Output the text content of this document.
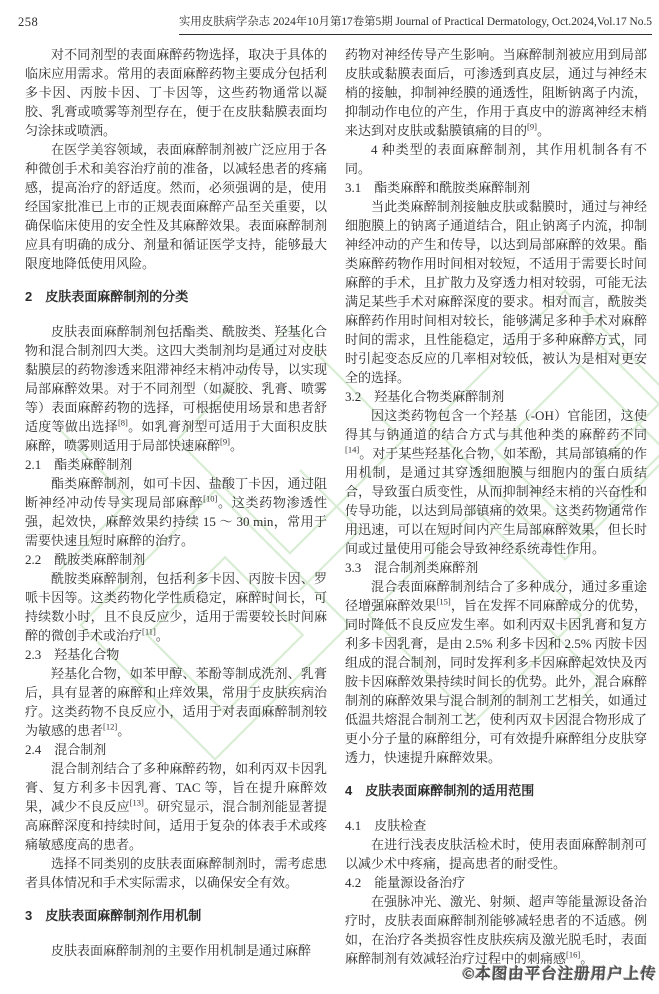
258	实用皮肤病学杂志 2024年10月第17卷第5期 Journal of Practical Dermatology, Oct.2024,Vol.17 No.5

对不同剂型的表面麻醉药物选择，取决于具体的临床应用需求。常用的表面麻醉药物主要成分包括利多卡因、丙胺卡因、丁卡因等，这些药物通常以凝胶、乳膏或喷雾等剂型存在，便于在皮肤黏膜表面均匀涂抹或喷洒。

在医学美容领域，表面麻醉制剂被广泛应用于各种微创手术和美容治疗前的准备，以减轻患者的疼痛感，提高治疗的舒适度。然而，必须强调的是，使用经国家批准已上市的正规表面麻醉产品至关重要，以确保临床使用的安全性及其麻醉效果。表面麻醉制剂应具有明确的成分、剂量和循证医学支持，能够最大限度地降低使用风险。

2　皮肤表面麻醉制剂的分类

皮肤表面麻醉制剂包括酯类、酰胺类、羟基化合物和混合制剂四大类。这四大类制剂均是通过对皮肤黏膜层的药物渗透来阻滞神经末梢冲动传导，以实现局部麻醉效果。对于不同剂型（如凝胶、乳膏、喷雾等）表面麻醉药物的选择，可根据使用场景和患者舒适度等做出选择[8]。如乳膏剂型可适用于大面积皮肤麻醉，喷雾则适用于局部快速麻醉[9]。

2.1　酯类麻醉制剂

酯类麻醉制剂，如可卡因、盐酸丁卡因，通过阻断神经冲动传导实现局部麻醉[10]。这类药物渗透性强，起效快，麻醉效果约持续 15 ～ 30 min，常用于需要快速且短时麻醉的治疗。

2.2　酰胺类麻醉制剂

酰胺类麻醉制剂，包括利多卡因、丙胺卡因、罗哌卡因等。这类药物化学性质稳定，麻醉时间长，可持续数小时，且不良反应少，适用于需要较长时间麻醉的微创手术或治疗[11]。

2.3　羟基化合物

羟基化合物，如苯甲醇、苯酚等制成洗剂、乳膏后，具有显著的麻醉和止痒效果，常用于皮肤疾病治疗。这类药物不良反应小，适用于对表面麻醉制剂较为敏感的患者[12]。

2.4　混合制剂

混合制剂结合了多种麻醉药物，如利丙双卡因乳膏、复方利多卡因乳膏、TAC 等，旨在提升麻醉效果，减少不良反应[13]。研究显示，混合制剂能显著提高麻醉深度和持续时间，适用于复杂的体表手术或疼痛敏感度高的患者。

选择不同类别的皮肤表面麻醉制剂时，需考虑患者具体情况和手术实际需求，以确保安全有效。

3　皮肤表面麻醉制剂作用机制

皮肤表面麻醉制剂的主要作用机制是通过麻醉

药物对神经传导产生影响。当麻醉制剂被应用到局部皮肤或黏膜表面后，可渗透到真皮层，通过与神经末梢的接触，抑制神经膜的通透性，阻断钠离子内流，抑制动作电位的产生，作用于真皮中的游离神经末梢来达到对皮肤或黏膜镇痛的目的[9]。

4 种类型的表面麻醉制剂，其作用机制各有不同。

3.1　酯类麻醉和酰胺类麻醉制剂

当此类麻醉制剂接触皮肤或黏膜时，通过与神经细胞膜上的钠离子通道结合，阻止钠离子内流，抑制神经冲动的产生和传导，以达到局部麻醉的效果。酯类麻醉药物作用时间相对较短，不适用于需要长时间麻醉的手术，且扩散力及穿透力相对较弱，可能无法满足某些手术对麻醉深度的要求。相对而言，酰胺类麻醉药作用时间相对较长，能够满足多种手术对麻醉时间的需求，且性能稳定，适用于多种麻醉方式，同时引起变态反应的几率相对较低，被认为是相对更安全的选择。

3.2　羟基化合物类麻醉制剂

因这类药物包含一个羟基（-OH）官能团，这使得其与钠通道的结合方式与其他种类的麻醉药不同[14]。对于某些羟基化合物，如苯酚，其局部镇痛的作用机制，是通过其穿透细胞膜与细胞内的蛋白质结合，导致蛋白质变性，从而抑制神经末梢的兴奋性和传导功能，以达到局部镇痛的效果。这类药物通常作用迅速，可以在短时间内产生局部麻醉效果，但长时间或过量使用可能会导致神经系统毒性作用。

3.3　混合制剂类麻醉剂

混合表面麻醉制剂结合了多种成分，通过多重途径增强麻醉效果[15]，旨在发挥不同麻醉成分的优势，同时降低不良反应发生率。如利丙双卡因乳膏和复方利多卡因乳膏，是由 2.5% 利多卡因和 2.5% 丙胺卡因组成的混合制剂，同时发挥利多卡因麻醉起效快及丙胺卡因麻醉效果持续时间长的优势。此外，混合麻醉制剂的麻醉效果与混合制剂的制剂工艺相关，如通过低温共熔混合制剂工艺，使利丙双卡因混合物形成了更小分子量的麻醉组分，可有效提升麻醉组分皮肤穿透力，快速提升麻醉效果。

4　皮肤表面麻醉制剂的适用范围
4.1　皮肤检查

在进行浅表皮肤活检术时，使用表面麻醉制剂可以减少术中疼痛，提高患者的耐受性。

4.2　能量源设备治疗

在强脉冲光、激光、射频、超声等能量源设备治疗时，皮肤表面麻醉制剂能够减轻患者的不适感。例如，在治疗各类损容性皮肤疾病及激光脱毛时，表面麻醉制剂有效减轻治疗过程中的刺痛感[16]。

©本图由平台注册用户上传
